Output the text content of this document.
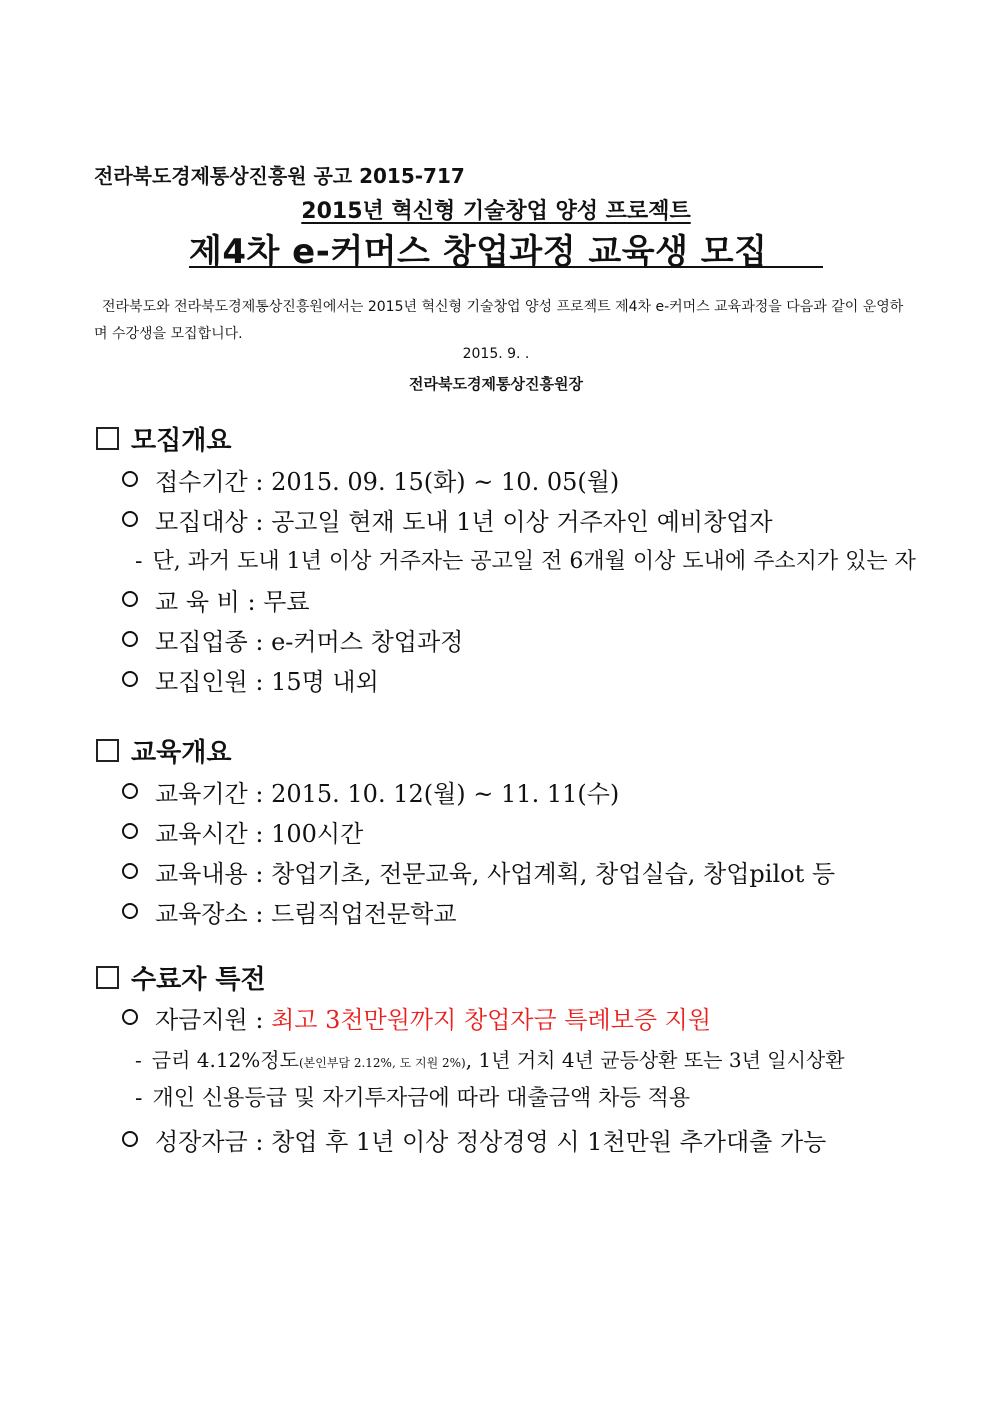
전라북도경제통상진흥원 공고 2015-717
2015년 혁신형 기술창업 양성 프로젝트
제4차 e-커머스 창업과정 교육생 모집

전라북도와 전라북도경제통상진흥원에서는 2015년 혁신형 기술창업 양성 프로젝트 제4차 e-커머스 교육과정을 다음과 같이 운영하며 수강생을 모집합니다.

2015. 9. .
전라북도경제통상진흥원장
모집개요
접수기간 : 2015. 09. 15(화) ~ 10. 05(월)
모집대상 : 공고일 현재 도내 1년 이상 거주자인 예비창업자
- 단, 과거 도내 1년 이상 거주자는 공고일 전 6개월 이상 도내에 주소지가 있는 자
교 육 비 : 무료
모집업종 : e-커머스 창업과정
모집인원 : 15명 내외
교육개요
교육기간 : 2015. 10. 12(월) ~ 11. 11(수)
교육시간 : 100시간
교육내용 : 창업기초, 전문교육, 사업계획, 창업실습, 창업pilot 등
교육장소 : 드림직업전문학교
수료자 특전
자금지원 : 최고 3천만원까지 창업자금 특례보증 지원
- 금리 4.12%정도(본인부담 2.12%, 도 지원 2%), 1년 거치 4년 균등상환 또는 3년 일시상환
- 개인 신용등급 및 자기투자금에 따라 대출금액 차등 적용
성장자금 : 창업 후 1년 이상 정상경영 시 1천만원 추가대출 가능
